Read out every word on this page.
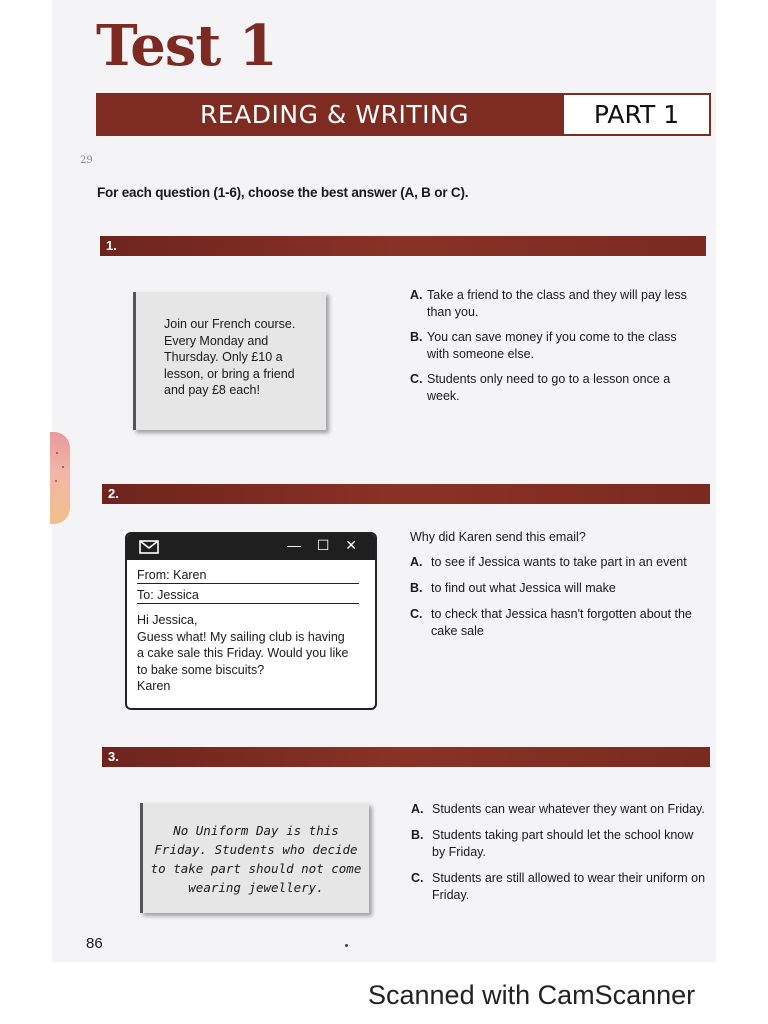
Test 1
READING & WRITING	PART 1
29
For each question (1-6), choose the best answer (A, B or C).
1.
Join our French course.
Every Monday and
Thursday. Only £10 a
lesson, or bring a friend
and pay £8 each!
A. Take a friend to the class and they will pay less than you.
B. You can save money if you come to the class with someone else.
C. Students only need to go to a lesson once a week.
2.
— ☐ ✕
From: Karen
To: Jessica
Hi Jessica,
Guess what! My sailing club is having
a cake sale this Friday. Would you like
to bake some biscuits?
Karen
Why did Karen send this email?
A. to see if Jessica wants to take part in an event
B. to find out what Jessica will make
C. to check that Jessica hasn't forgotten about the cake sale
3.
No Uniform Day is this
Friday. Students who decide
to take part should not come
wearing jewellery.
A. Students can wear whatever they want on Friday.
B. Students taking part should let the school know by Friday.
C. Students are still allowed to wear their uniform on Friday.
86
Scanned with CamScanner
